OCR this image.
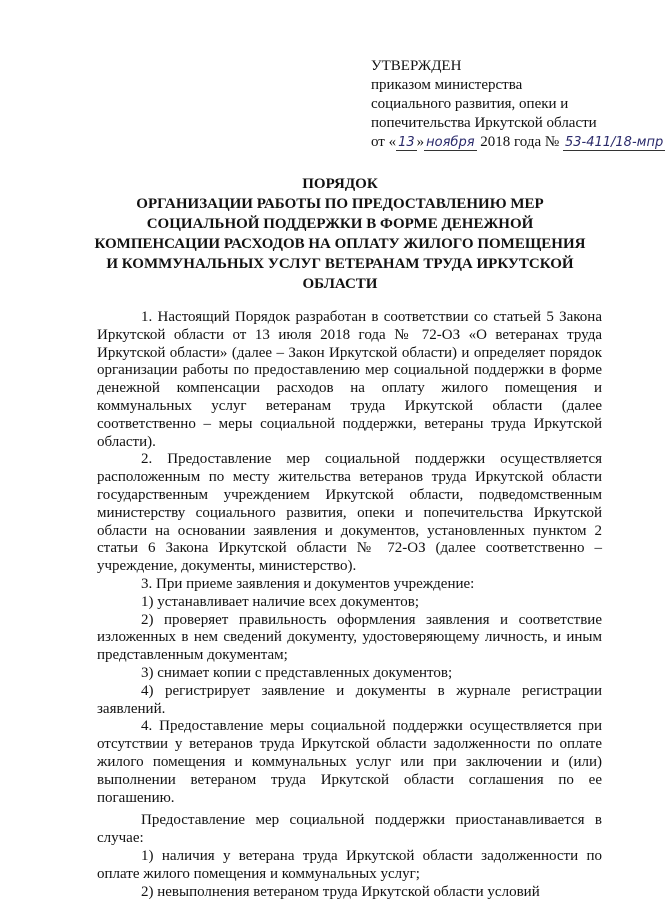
УТВЕРЖДЕН
приказом министерства
социального развития, опеки и
попечительства Иркутской области
от « 13 » ноября 2018 года № 53-411/18-мпр
ПОРЯДОК
ОРГАНИЗАЦИИ РАБОТЫ ПО ПРЕДОСТАВЛЕНИЮ МЕР
СОЦИАЛЬНОЙ ПОДДЕРЖКИ В ФОРМЕ ДЕНЕЖНОЙ
КОМПЕНСАЦИИ РАСХОДОВ НА ОПЛАТУ ЖИЛОГО ПОМЕЩЕНИЯ
И КОММУНАЛЬНЫХ УСЛУГ ВЕТЕРАНАМ ТРУДА ИРКУТСКОЙ
ОБЛАСТИ

1. Настоящий Порядок разработан в соответствии со статьей 5 Закона Иркутской области от 13 июля 2018 года № 72-ОЗ «О ветеранах труда Иркутской области» (далее – Закон Иркутской области) и определяет порядок организации работы по предоставлению мер социальной поддержки в форме денежной компенсации расходов на оплату жилого помещения и коммунальных услуг ветеранам труда Иркутской области (далее соответственно – меры социальной поддержки, ветераны труда Иркутской области).

2. Предоставление мер социальной поддержки осуществляется расположенным по месту жительства ветеранов труда Иркутской области государственным учреждением Иркутской области, подведомственным министерству социального развития, опеки и попечительства Иркутской области на основании заявления и документов, установленных пунктом 2 статьи 6 Закона Иркутской области № 72-ОЗ (далее соответственно – учреждение, документы, министерство).

3. При приеме заявления и документов учреждение:

1) устанавливает наличие всех документов;

2) проверяет правильность оформления заявления и соответствие изложенных в нем сведений документу, удостоверяющему личность, и иным представленным документам;

3) снимает копии с представленных документов;

4) регистрирует заявление и документы в журнале регистрации заявлений.

4. Предоставление меры социальной поддержки осуществляется при отсутствии у ветеранов труда Иркутской области задолженности по оплате жилого помещения и коммунальных услуг или при заключении и (или) выполнении ветераном труда Иркутской области соглашения по ее погашению.

Предоставление мер социальной поддержки приостанавливается в случае:

1) наличия у ветерана труда Иркутской области задолженности по оплате жилого помещения и коммунальных услуг;

2) невыполнения ветераном труда Иркутской области условий
